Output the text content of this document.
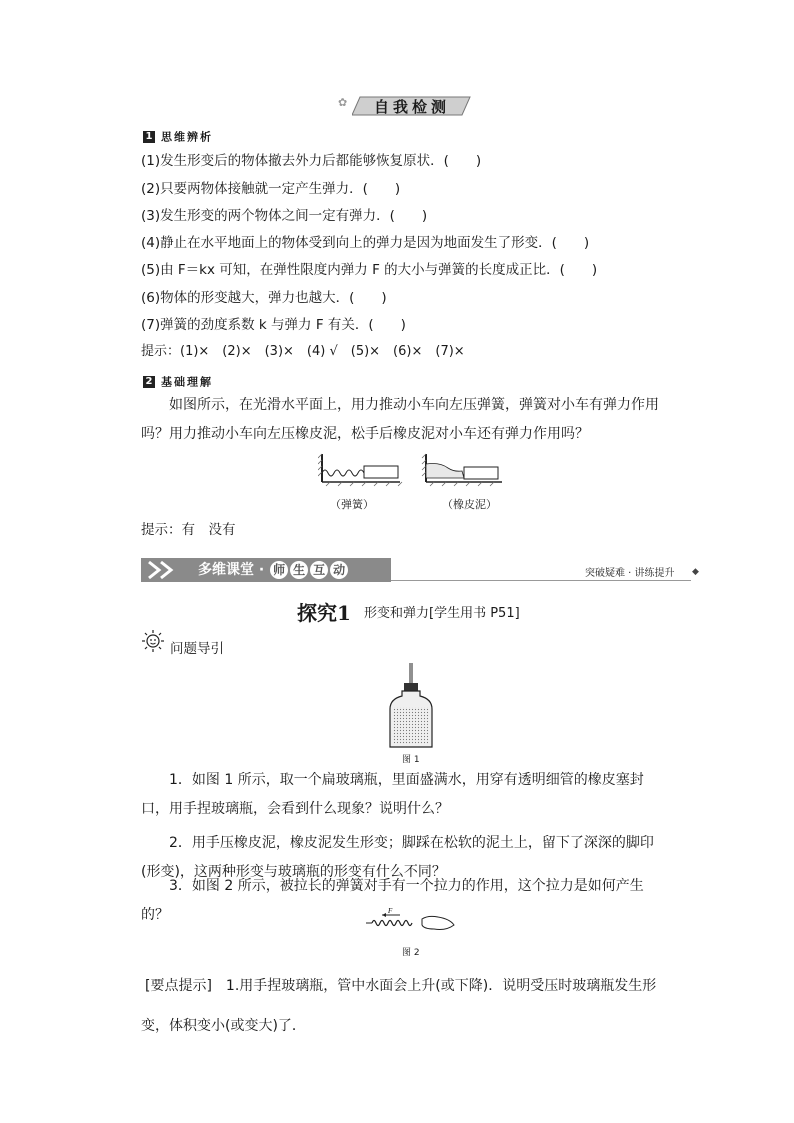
自我检测
✿
1 思维辨析
(1)发生形变后的物体撤去外力后都能够恢复原状．(　　)
(2)只要两物体接触就一定产生弹力．(　　)
(3)发生形变的两个物体之间一定有弹力．(　　)
(4)静止在水平地面上的物体受到向上的弹力是因为地面发生了形变．(　　)
(5)由 F＝kx 可知，在弹性限度内弹力 F 的大小与弹簧的长度成正比．(　　)
(6)物体的形变越大，弹力也越大．(　　)
(7)弹簧的劲度系数 k 与弹力 F 有关．(　　)
提示：(1)×　(2)×　(3)×　(4) √　(5)×　(6)×　(7)×
2 基础理解
如图所示，在光滑水平面上，用力推动小车向左压弹簧，弹簧对小车有弹力作用吗？用力推动小车向左压橡皮泥，松手后橡皮泥对小车还有弹力作用吗？
（弹簧）	（橡皮泥）
提示：有　没有
多维课堂 · 师 生 互 动	突破疑难 · 讲练提升 ◆
探究1 形变和弹力[学生用书 P51]
问题导引
图 1
1．如图 1 所示，取一个扁玻璃瓶，里面盛满水，用穿有透明细管的橡皮塞封口，用手捏玻璃瓶，会看到什么现象？说明什么？
2．用手压橡皮泥，橡皮泥发生形变；脚踩在松软的泥土上，留下了深深的脚印(形变)，这两种形变与玻璃瓶的形变有什么不同？
3．如图 2 所示，被拉长的弹簧对手有一个拉力的作用，这个拉力是如何产生的？	F
图 2
[要点提示]　1.用手捏玻璃瓶，管中水面会上升(或下降)．说明受压时玻璃瓶发生形变，体积变小(或变大)了．
